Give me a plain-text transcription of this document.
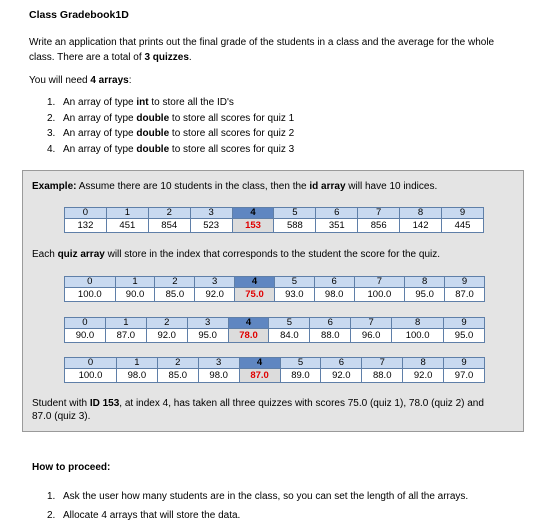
Class Gradebook1D
Write an application that prints out the final grade of the students in a class and the average for the whole class. There are a total of 3 quizzes.
You will need 4 arrays:
1. An array of type int to store all the ID's
2. An array of type double to store all scores for quiz 1
3. An array of type double to store all scores for quiz 2
4. An array of type double to store all scores for quiz 3
Example: Assume there are 10 students in the class, then the id array will have 10 indices.
0	1	2	3	4	5	6	7	8	9
132	451	854	523	153	588	351	856	142	445
Each quiz array will store in the index that corresponds to the student the score for the quiz.
0	1	2	3	4	5	6	7	8	9
100.0	90.0	85.0	92.0	75.0	93.0	98.0	100.0	95.0	87.0
0	1	2	3	4	5	6	7	8	9
90.0	87.0	92.0	95.0	78.0	84.0	88.0	96.0	100.0	95.0
0	1	2	3	4	5	6	7	8	9
100.0	98.0	85.0	98.0	87.0	89.0	92.0	88.0	92.0	97.0
Student with ID 153, at index 4, has taken all three quizzes with scores 75.0 (quiz 1), 78.0 (quiz 2) and 87.0 (quiz 3).
How to proceed:
1. Ask the user how many students are in the class, so you can set the length of all the arrays.
2. Allocate 4 arrays that will store the data.
